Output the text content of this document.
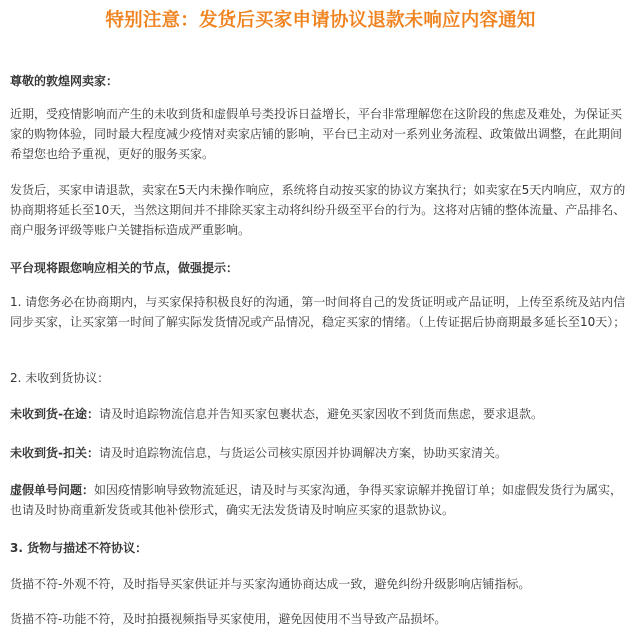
特别注意：发货后买家申请协议退款未响应内容通知

尊敬的敦煌网卖家：

近期，受疫情影响而产生的未收到货和虚假单号类投诉日益增长，平台非常理解您在这阶段的焦虑及难处，为保证买家的购物体验，同时最大程度减少疫情对卖家店铺的影响，平台已主动对一系列业务流程、政策做出调整，在此期间希望您也给予重视，更好的服务买家。

发货后，买家申请退款，卖家在5天内未操作响应，系统将自动按买家的协议方案执行；如卖家在5天内响应，双方的协商期将延长至10天，当然这期间并不排除买家主动将纠纷升级至平台的行为。这将对店铺的整体流量、产品排名、商户服务评级等账户关键指标造成严重影响。

平台现将跟您响应相关的节点，做强提示：

1. 请您务必在协商期内，与买家保持积极良好的沟通，第一时间将自己的发货证明或产品证明，上传至系统及站内信同步买家，让买家第一时间了解实际发货情况或产品情况，稳定买家的情绪。（上传证据后协商期最多延长至10天）；

2. 未收到货协议：

未收到货-在途：请及时追踪物流信息并告知买家包裹状态，避免买家因收不到货而焦虑，要求退款。

未收到货-扣关：请及时追踪物流信息，与货运公司核实原因并协调解决方案，协助买家清关。

虚假单号问题：如因疫情影响导致物流延迟，请及时与买家沟通，争得买家谅解并挽留订单；如虚假发货行为属实，也请及时协商重新发货或其他补偿形式，确实无法发货请及时响应买家的退款协议。

3. 货物与描述不符协议：

货描不符-外观不符，及时指导买家供证并与买家沟通协商达成一致，避免纠纷升级影响店铺指标。

货描不符-功能不符，及时拍摄视频指导买家使用，避免因使用不当导致产品损坏。
